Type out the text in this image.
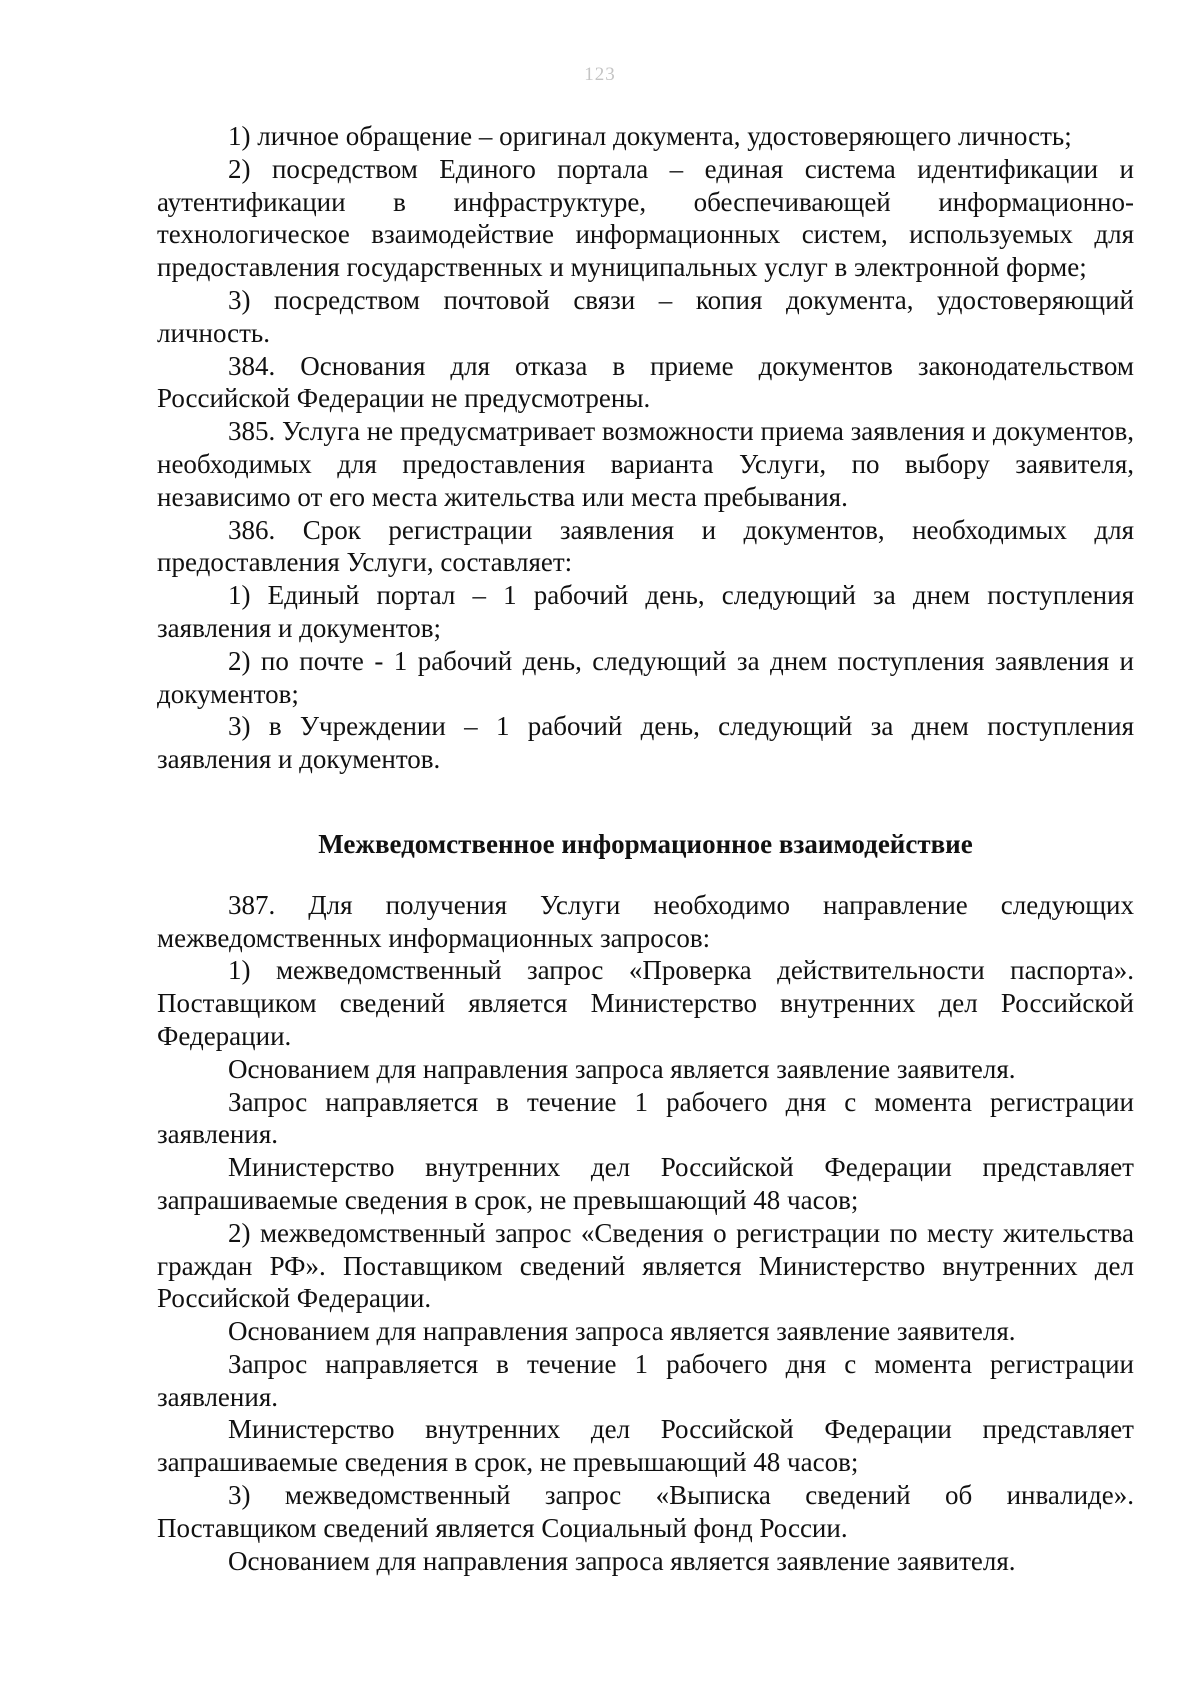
123

1) личное обращение – оригинал документа, удостоверяющего личность;

2) посредством Единого портала – единая система идентификации и аутентификации в инфраструктуре, обеспечивающей информационно-технологическое взаимодействие информационных систем, используемых для предоставления государственных и муниципальных услуг в электронной форме;

3) посредством почтовой связи – копия документа, удостоверяющий личность.

384. Основания для отказа в приеме документов законодательством Российской Федерации не предусмотрены.

385. Услуга не предусматривает возможности приема заявления и документов, необходимых для предоставления варианта Услуги, по выбору заявителя, независимо от его места жительства или места пребывания.

386. Срок регистрации заявления и документов, необходимых для предоставления Услуги, составляет:

1) Единый портал – 1 рабочий день, следующий за днем поступления заявления и документов;

2) по почте - 1 рабочий день, следующий за днем поступления заявления и документов;

3) в Учреждении – 1 рабочий день, следующий за днем поступления заявления и документов.

Межведомственное информационное взаимодействие

387. Для получения Услуги необходимо направление следующих межведомственных информационных запросов:

1) межведомственный запрос «Проверка действительности паспорта». Поставщиком сведений является Министерство внутренних дел Российской Федерации.

Основанием для направления запроса является заявление заявителя.

Запрос направляется в течение 1 рабочего дня с момента регистрации заявления.

Министерство внутренних дел Российской Федерации представляет запрашиваемые сведения в срок, не превышающий 48 часов;

2) межведомственный запрос «Сведения о регистрации по месту жительства граждан РФ». Поставщиком сведений является Министерство внутренних дел Российской Федерации.

Основанием для направления запроса является заявление заявителя.

Запрос направляется в течение 1 рабочего дня с момента регистрации заявления.

Министерство внутренних дел Российской Федерации представляет запрашиваемые сведения в срок, не превышающий 48 часов;

3) межведомственный запрос «Выписка сведений об инвалиде». Поставщиком сведений является Социальный фонд России.

Основанием для направления запроса является заявление заявителя.
